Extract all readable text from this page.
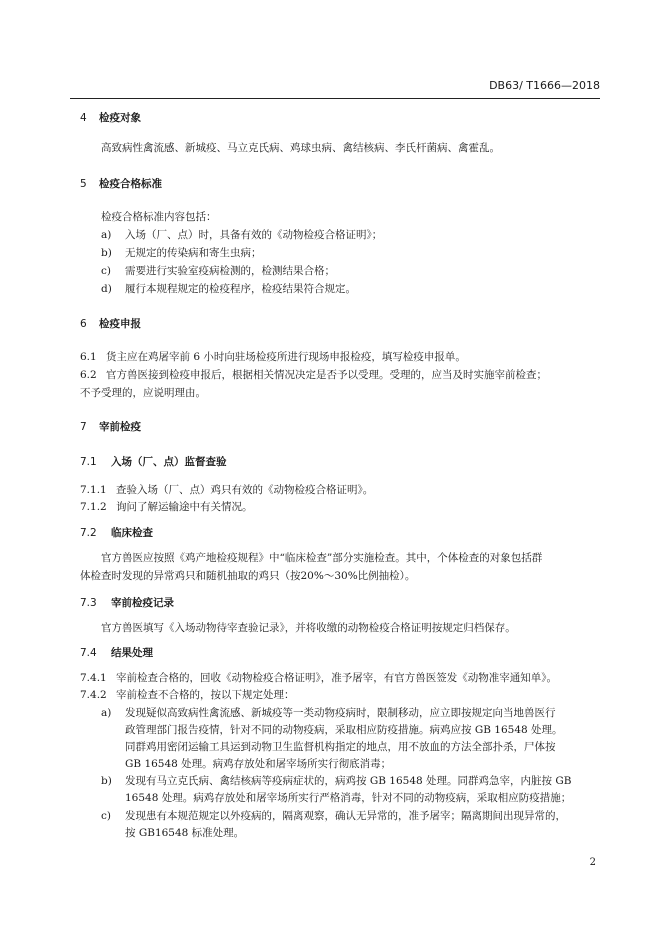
DB63/ T1666—2018
4 检疫对象
高致病性禽流感、新城疫、马立克氏病、鸡球虫病、禽结核病、李氏杆菌病、禽霍乱。
5 检疫合格标准
检疫合格标准内容包括：
a) 入场（厂、点）时，具备有效的《动物检疫合格证明》；
b) 无规定的传染病和寄生虫病；
c) 需要进行实验室疫病检测的，检测结果合格；
d) 履行本规程规定的检疫程序，检疫结果符合规定。
6 检疫申报
6.1 货主应在鸡屠宰前 6 小时向驻场检疫所进行现场申报检疫，填写检疫申报单。
6.2 官方兽医接到检疫申报后，根据相关情况决定是否予以受理。受理的，应当及时实施宰前检查；
不予受理的，应说明理由。
7 宰前检疫
7.1 入场（厂、点）监督查验
7.1.1 查验入场（厂、点）鸡只有效的《动物检疫合格证明》。
7.1.2 询问了解运输途中有关情况。
7.2 临床检查
官方兽医应按照《鸡产地检疫规程》中“临床检查”部分实施检查。其中，个体检查的对象包括群
体检查时发现的异常鸡只和随机抽取的鸡只（按20%～30%比例抽检）。
7.3 宰前检疫记录
官方兽医填写《入场动物待宰查验记录》，并将收缴的动物检疫合格证明按规定归档保存。
7.4 结果处理
7.4.1 宰前检查合格的，回收《动物检疫合格证明》，准予屠宰，有官方兽医签发《动物准宰通知单》。
7.4.2 宰前检查不合格的，按以下规定处理：
a) 发现疑似高致病性禽流感、新城疫等一类动物疫病时，限制移动，应立即按规定向当地兽医行
政管理部门报告疫情，针对不同的动物疫病，采取相应防疫措施。病鸡应按 GB 16548 处理。
同群鸡用密闭运输工具运到动物卫生监督机构指定的地点，用不放血的方法全部扑杀，尸体按
GB 16548 处理。病鸡存放处和屠宰场所实行彻底消毒；
b) 发现有马立克氏病、禽结核病等疫病症状的，病鸡按 GB 16548 处理。同群鸡急宰，内脏按 GB
16548 处理。病鸡存放处和屠宰场所实行严格消毒，针对不同的动物疫病，采取相应防疫措施；
c) 发现患有本规范规定以外疫病的，隔离观察，确认无异常的，准予屠宰；隔离期间出现异常的，
按 GB16548 标准处理。
2
